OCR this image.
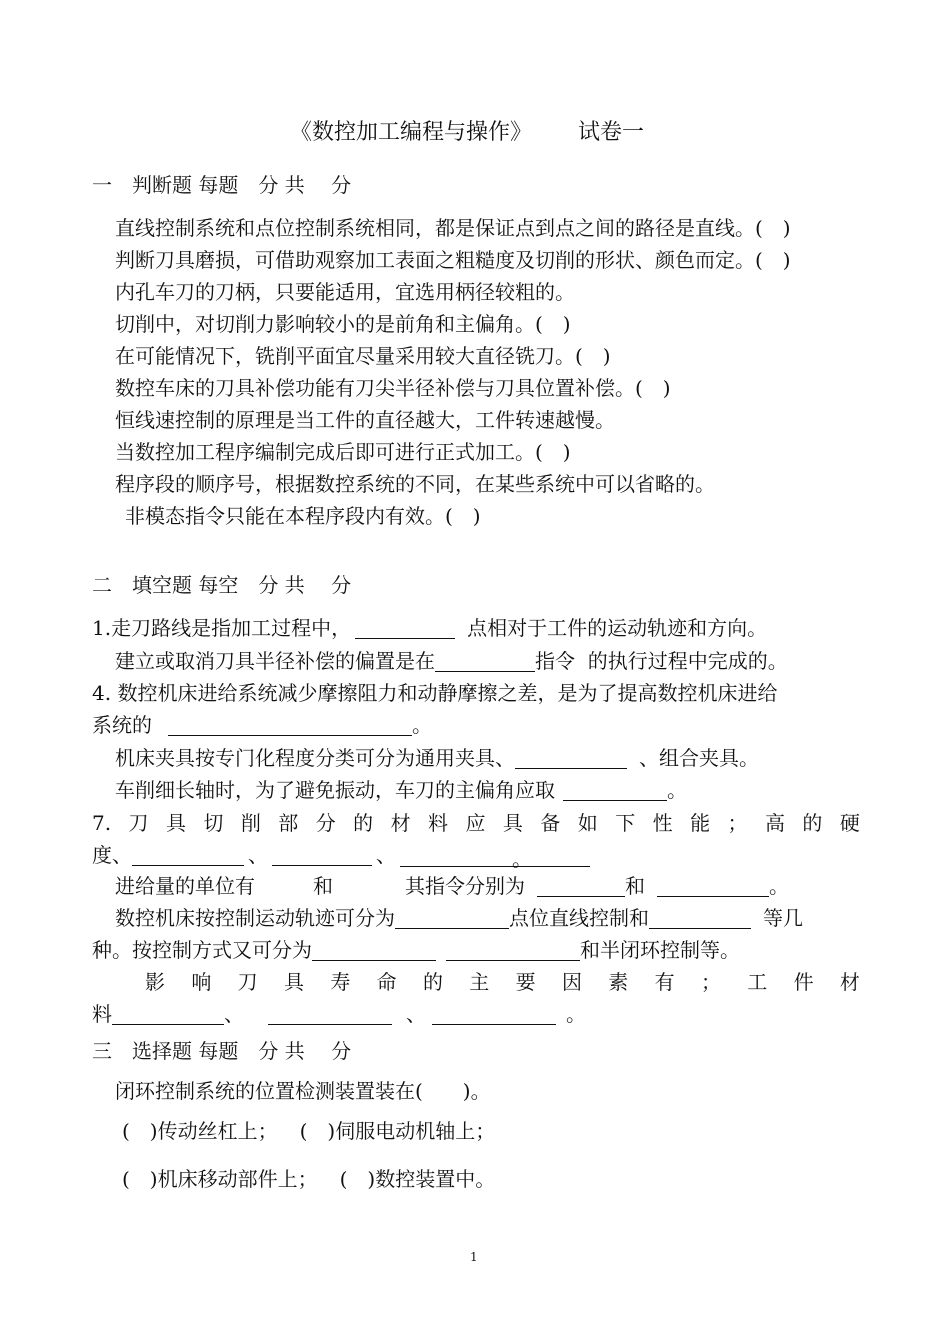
《数控加工编程与操作》 试卷一
一　判断题 每题　分 共　 分
直线控制系统和点位控制系统相同，都是保证点到点之间的路径是直线。(　)
判断刀具磨损，可借助观察加工表面之粗糙度及切削的形状、颜色而定。(　)
内孔车刀的刀柄，只要能适用，宜选用柄径较粗的。
切削中，对切削力影响较小的是前角和主偏角。(　)
在可能情况下，铣削平面宜尽量采用较大直径铣刀。(　)
数控车床的刀具补偿功能有刀尖半径补偿与刀具位置补偿。(　)
恒线速控制的原理是当工件的直径越大，工件转速越慢。
当数控加工程序编制完成后即可进行正式加工。(　)
程序段的顺序号，根据数控系统的不同，在某些系统中可以省略的。
非模态指令只能在本程序段内有效。(　)
二　填空题 每空　分 共　 分
1.走刀路线是指加工过程中，	点相对于工件的运动轨迹和方向。
建立或取消刀具半径补偿的偏置是在	指令  的执行过程中完成的。
4. 数控机床进给系统减少摩擦阻力和动静摩擦之差，是为了提高数控机床进给
系统的	。
机床夹具按专门化程度分类可分为通用夹具、	、组合夹具。
车削细长轴时，为了避免振动，车刀的主偏角应取	。
7. 刀 具 切 削 部 分 的 材 料 应 具 备 如 下 性 能 ； 高 的 硬
度、	、	、	。
进给量的单位有	和	其指令分别为	和	。
数控机床按控制运动轨迹可分为	点位直线控制和	等几
种。按控制方式又可分为	和半闭环控制等。
影 响 刀 具 寿 命 的 主 要 因 素 有 ； 工 件 材
料	、	、	。
三　选择题 每题　分 共　 分
闭环控制系统的位置检测装置装在(　　)。
(　)传动丝杠上； (　)伺服电动机轴上；
(　)机床移动部件上； (　)数控装置中。
1
